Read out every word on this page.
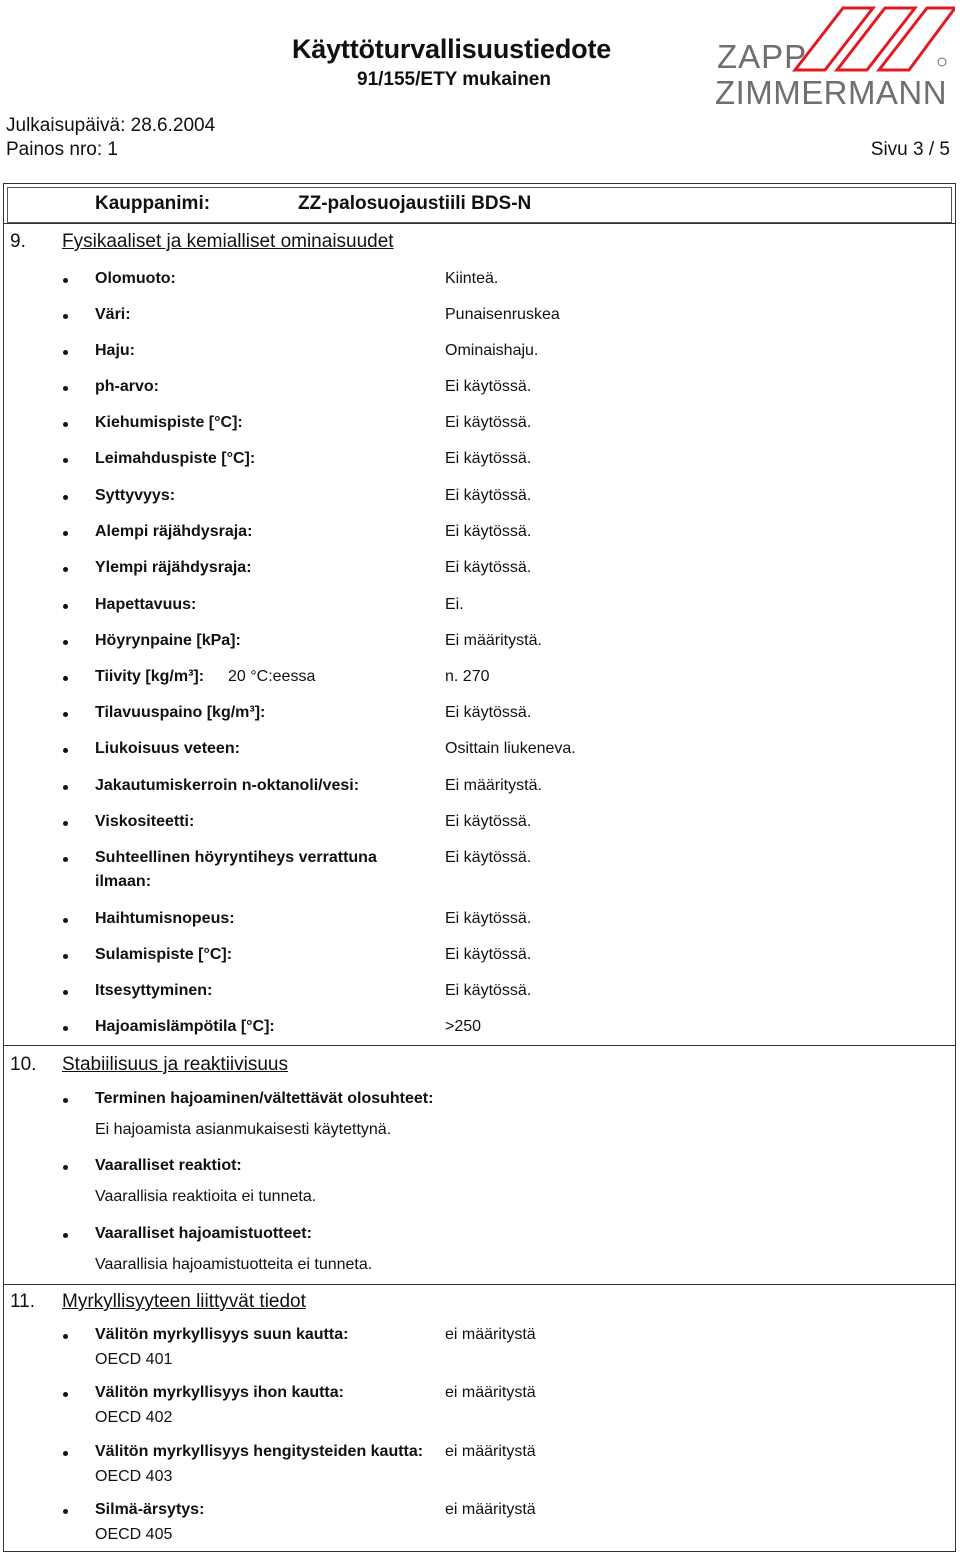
Käyttöturvallisuustiedote
91/155/ETY mukainen
Julkaisupäivä: 28.6.2004
Painos nro: 1	Sivu 3 / 5
ZAPP
ZIMMERMANN
Kauppanimi:	ZZ-palosuojaustiili BDS-N
9. Fysikaaliset ja kemialliset ominaisuudet
Olomuoto:	Kiinteä.
Väri:	Punaisenruskea
Haju:	Ominaishaju.
ph-arvo:	Ei käytössä.
Kiehumispiste [°C]:	Ei käytössä.
Leimahduspiste [°C]:	Ei käytössä.
Syttyvyys:	Ei käytössä.
Alempi räjähdysraja:	Ei käytössä.
Ylempi räjähdysraja:	Ei käytössä.
Hapettavuus:	Ei.
Höyrynpaine [kPa]:	Ei määritystä.
Tiivity [kg/m³]: 20 °C:eessa	n. 270
Tilavuuspaino [kg/m³]:	Ei käytössä.
Liukoisuus veteen:	Osittain liukeneva.
Jakautumiskerroin n-oktanoli/vesi:	Ei määritystä.
Viskositeetti:	Ei käytössä.
Suhteellinen höyryntiheys verrattuna
ilmaan:
Ei käytössä.
Haihtumisnopeus:	Ei käytössä.
Sulamispiste [°C]:	Ei käytössä.
Itsesyttyminen:	Ei käytössä.
Hajoamislämpötila [°C]:	>250
10. Stabiilisuus ja reaktiivisuus
Terminen hajoaminen/vältettävät olosuhteet:
Ei hajoamista asianmukaisesti käytettynä.
Vaaralliset reaktiot:
Vaarallisia reaktioita ei tunneta.
Vaaralliset hajoamistuotteet:
Vaarallisia hajoamistuotteita ei tunneta.
11. Myrkyllisyyteen liittyvät tiedot
Välitön myrkyllisyys suun kautta:	ei määritystä
OECD 401
Välitön myrkyllisyys ihon kautta:	ei määritystä
OECD 402
Välitön myrkyllisyys hengitysteiden kautta: ei määritystä
OECD 403
Silmä-ärsytys:	ei määritystä
OECD 405
